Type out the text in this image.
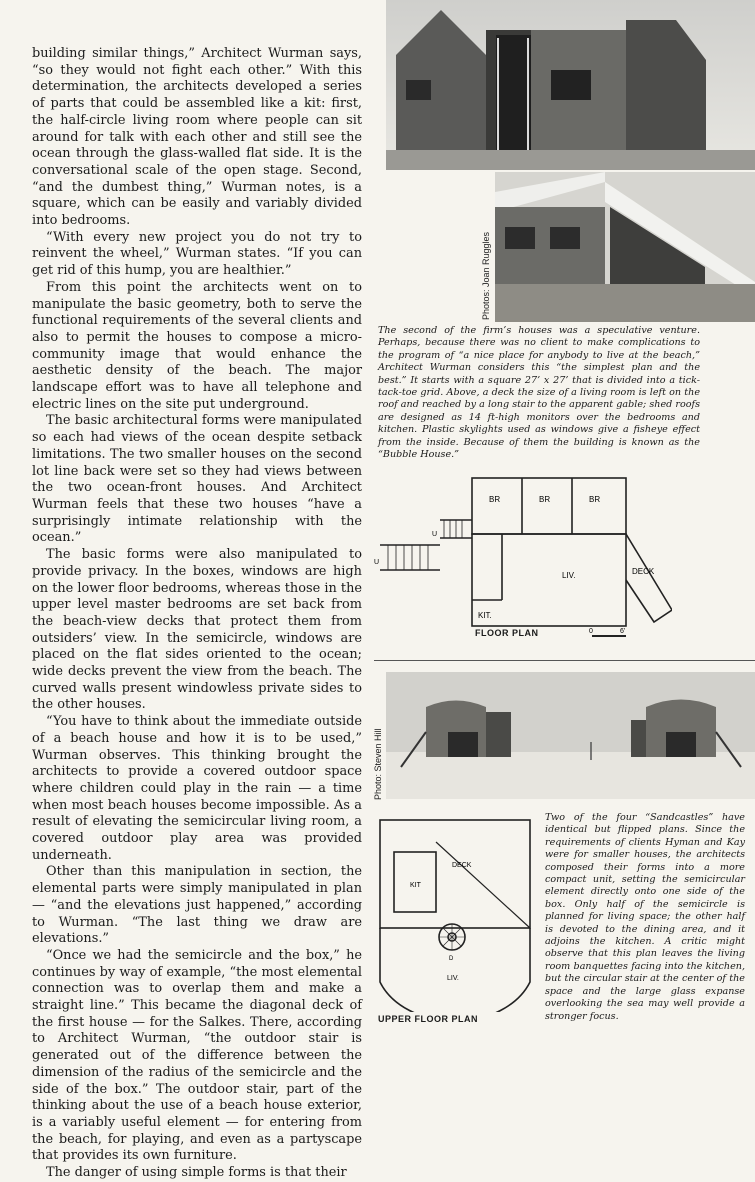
building similar things,” Architect Wurman says, “so they would not fight each other.” With this determination, the architects developed a series of parts that could be assembled like a kit: first, the half-circle living room where people can sit around for talk with each other and still see the ocean through the glass-walled flat side. It is the conversational scale of the open stage. Second, “and the dumbest thing,” Wurman notes, is a square, which can be easily and variably divided into bedrooms.

“With every new project you do not try to reinvent the wheel,” Wurman states. “If you can get rid of this hump, you are healthier.”

From this point the architects went on to manipulate the basic geometry, both to serve the functional requirements of the several clients and also to permit the houses to compose a micro-community image that would enhance the aesthetic density of the beach. The major landscape effort was to have all telephone and electric lines on the site put underground.

The basic architectural forms were manipulated so each had views of the ocean despite setback limitations. The two smaller houses on the second lot line back were set so they had views between the two ocean-front houses. And Architect Wurman feels that these two houses “have a surprisingly intimate relationship with the ocean.”

The basic forms were also manipulated to provide privacy. In the boxes, windows are high on the lower floor bedrooms, whereas those in the upper level master bedrooms are set back from the beach-view decks that protect them from outsiders’ view. In the semicircle, windows are placed on the flat sides oriented to the ocean; wide decks prevent the view from the beach. The curved walls present windowless private sides to the other houses.

“You have to think about the immediate outside of a beach house and how it is to be used,” Wurman observes. This thinking brought the architects to provide a covered outdoor space where children could play in the rain — a time when most beach houses become impossible. As a result of elevating the semicircular living room, a covered outdoor play area was provided underneath.

Other than this manipulation in section, the elemental parts were simply manipulated in plan — “and the elevations just happened,” according to Wurman. “The last thing we draw are elevations.”

“Once we had the semicircle and the box,” he continues by way of example, “the most elemental connection was to overlap them and make a straight line.” This became the diagonal deck of the first house — for the Salkes. There, according to Architect Wurman, “the outdoor stair is generated out of the difference between the dimension of the radius of the semicircle and the side of the box.” The outdoor stair, part of the thinking about the use of a beach house exterior, is a variably useful element — for entering from the beach, for playing, and even as a partyscape that provides its own furniture.

The danger of using simple forms is that their

Photos: Joan Ruggles
The second of the firm’s houses was a speculative venture. Perhaps, because there was no client to make complications to the program of “a nice place for anybody to live at the beach,” Architect Wurman considers this “the simplest plan and the best.” It starts with a square 27’ x 27’ that is divided into a tick-tack-toe grid. Above, a deck the size of a living room is left on the roof and reached by a long stair to the apparent gable; shed roofs are designed as 14 ft-high monitors over the bedrooms and kitchen. Plastic skylights used as windows give a fisheye effect from the inside. Because of them the building is known as the “Bubble House.”
BR	BR	BR
LIV.
KIT.
DECK
U
U
0	6'
FLOOR PLAN
Photo: Steven Hill
DECK
KIT
LIV.
D
UPPER FLOOR PLAN
Two of the four “Sandcastles” have identical but flipped plans. Since the requirements of clients Hyman and Kay were for smaller houses, the architects composed their forms into a more compact unit, setting the semicircular element directly onto one side of the box. Only half of the semicircle is planned for living space; the other half is devoted to the dining area, and it adjoins the kitchen. A critic might observe that this plan leaves the living room banquettes facing into the kitchen, but the circular stair at the center of the space and the large glass expanse overlooking the sea may well provide a stronger focus.
